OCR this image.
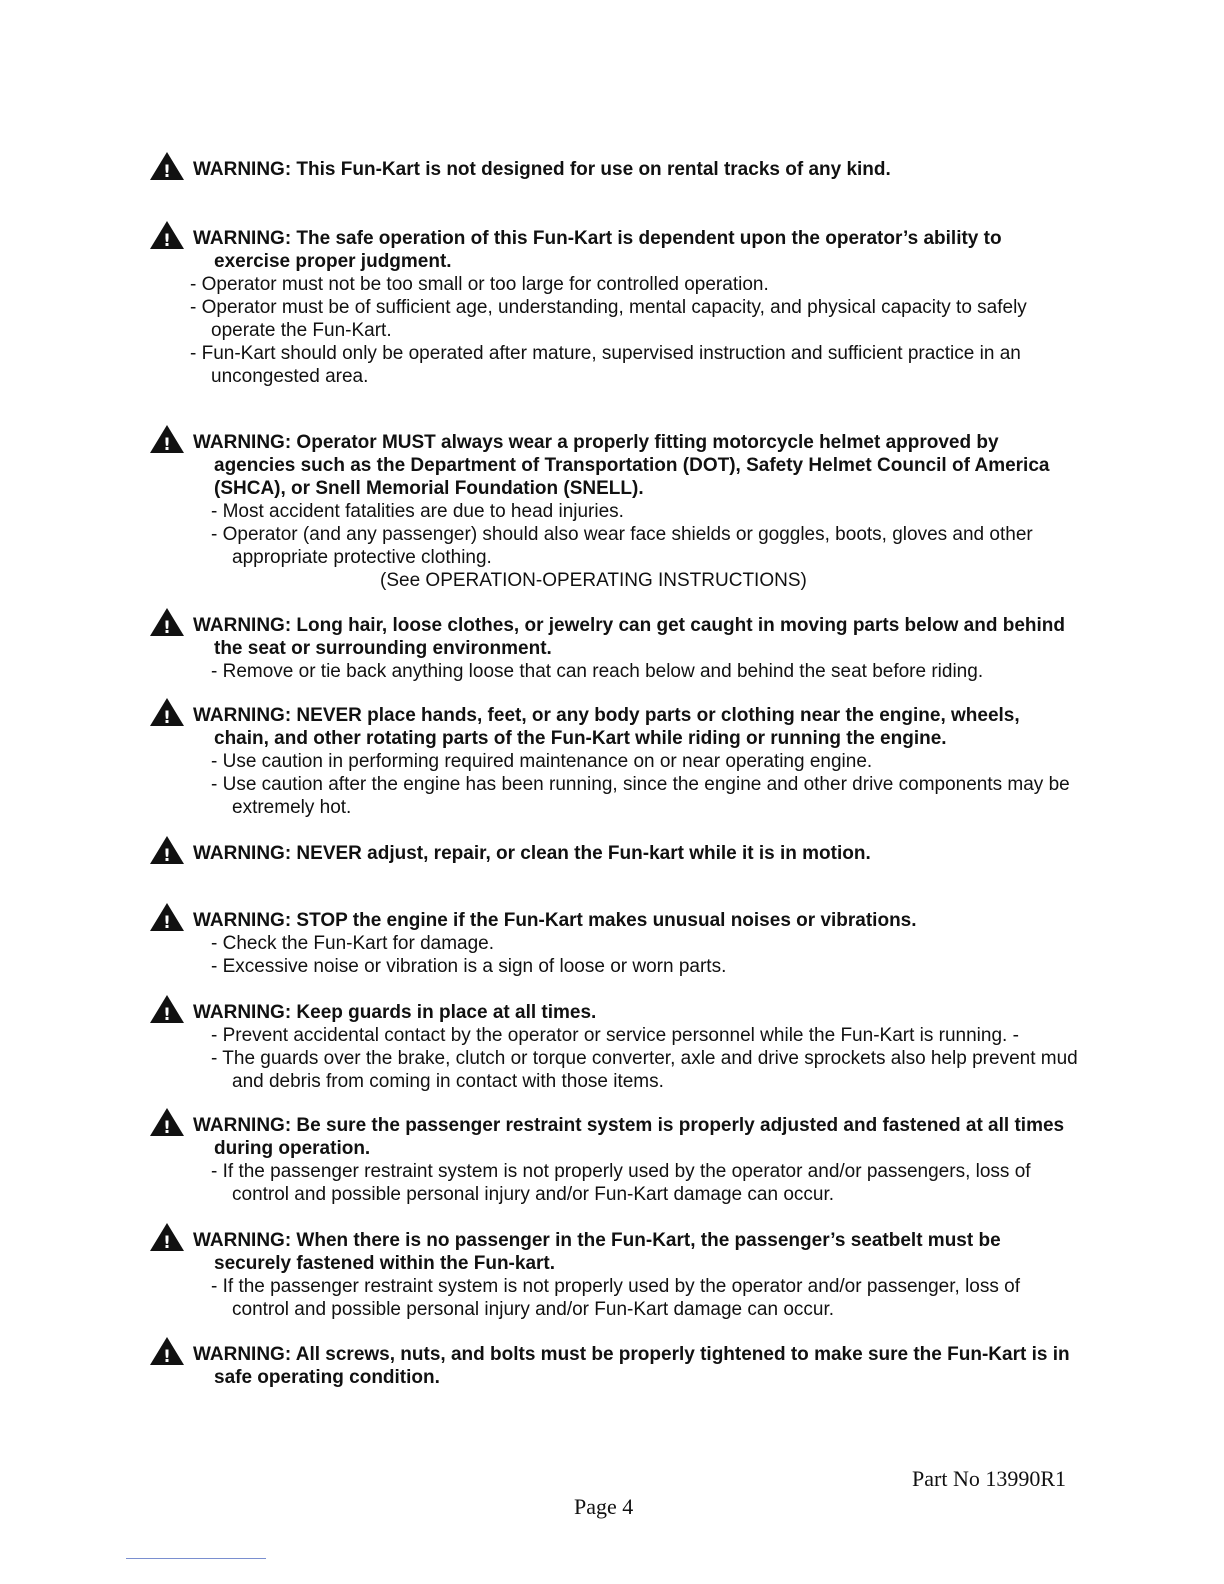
!	WARNING: This Fun-Kart is not designed for use on rental tracks of any kind.
!	WARNING: The safe operation of this Fun-Kart is dependent upon the operator’s ability to exercise proper judgment.
- Operator must not be too small or too large for controlled operation.
- Operator must be of sufficient age, understanding, mental capacity, and physical capacity to safely operate the Fun-Kart.
- Fun-Kart should only be operated after mature, supervised instruction and sufficient practice in an uncongested area.
!	WARNING: Operator MUST always wear a properly fitting motorcycle helmet approved by agencies such as the Department of Transportation (DOT), Safety Helmet Council of America (SHCA), or Snell Memorial Foundation (SNELL).
- Most accident fatalities are due to head injuries.
- Operator (and any passenger) should also wear face shields or goggles, boots, gloves and other appropriate protective clothing.
(See OPERATION-OPERATING INSTRUCTIONS)
!	WARNING: Long hair, loose clothes, or jewelry can get caught in moving parts below and behind the seat or surrounding environment.
- Remove or tie back anything loose that can reach below and behind the seat before riding.
!	WARNING: NEVER place hands, feet, or any body parts or clothing near the engine, wheels, chain, and other rotating parts of the Fun-Kart while riding or running the engine.
- Use caution in performing required maintenance on or near operating engine.
- Use caution after the engine has been running, since the engine and other drive components may be extremely hot.
!	WARNING: NEVER adjust, repair, or clean the Fun-kart while it is in motion.
!	WARNING: STOP the engine if the Fun-Kart makes unusual noises or vibrations.
- Check the Fun-Kart for damage.
- Excessive noise or vibration is a sign of loose or worn parts.
!	WARNING: Keep guards in place at all times.
- Prevent accidental contact by the operator or service personnel while the Fun-Kart is running. -
- The guards over the brake, clutch or torque converter, axle and drive sprockets also help prevent mud and debris from coming in contact with those items.
!	WARNING: Be sure the passenger restraint system is properly adjusted and fastened at all times during operation.
- If the passenger restraint system is not properly used by the operator and/or passengers, loss of control and possible personal injury and/or Fun-Kart damage can occur.
!	WARNING: When there is no passenger in the Fun-Kart, the passenger’s seatbelt must be securely fastened within the Fun-kart.
- If the passenger restraint system is not properly used by the operator and/or passenger, loss of control and possible personal injury and/or Fun-Kart damage can occur.
!	WARNING: All screws, nuts, and bolts must be properly tightened to make sure the Fun-Kart is in safe operating condition.
Part No 13990R1
Page 4
